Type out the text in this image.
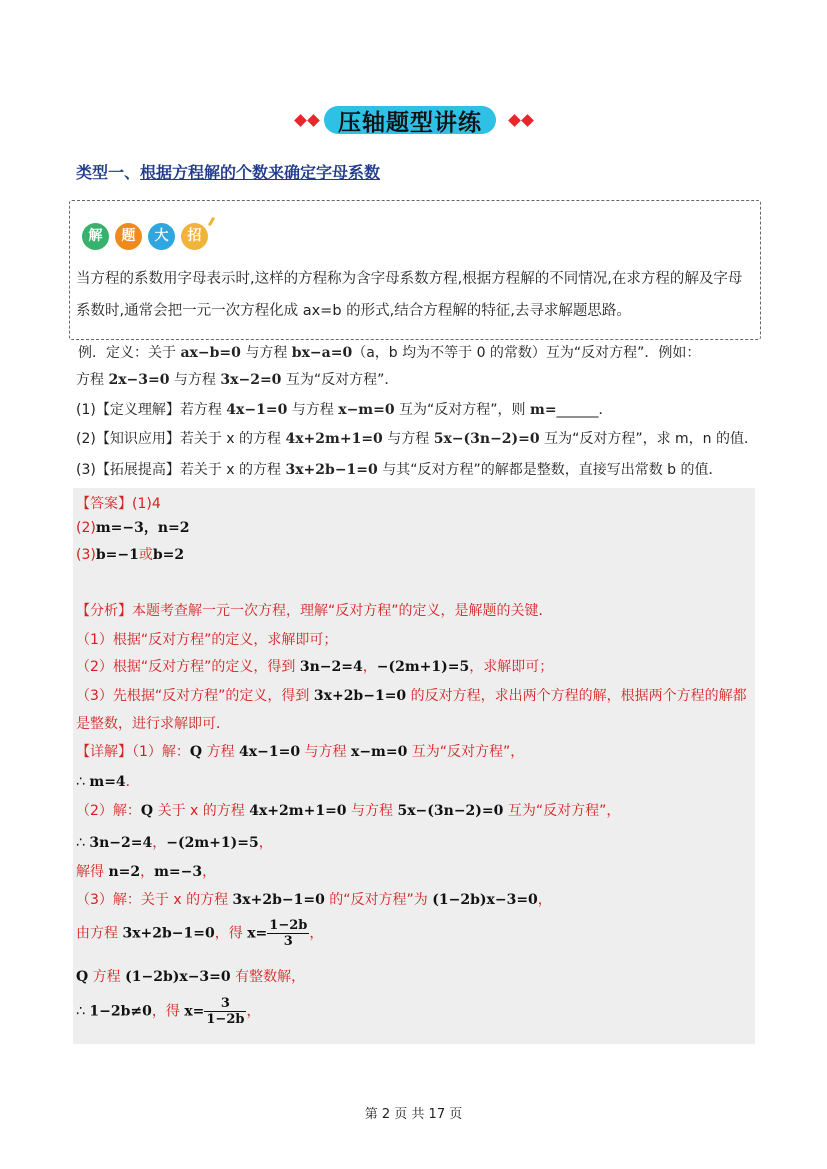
压轴题型讲练
类型一、根据方程解的个数来确定字母系数
解	题	大	招
当方程的系数用字母表示时,这样的方程称为含字母系数方程,根据方程解的不同情况,在求方程的解及字母
系数时,通常会把一元一次方程化成 ax=b 的形式,结合方程解的特征,去寻求解题思路。
例．定义：关于 ax−b=0 与方程 bx−a=0（a，b 均为不等于 0 的常数）互为“反对方程”．例如：
方程 2x−3=0 与方程 3x−2=0 互为“反对方程”．
(1)【定义理解】若方程 4x−1=0 与方程 x−m=0 互为“反对方程”，则 m=______．
(2)【知识应用】若关于 x 的方程 4x+2m+1=0 与方程 5x−(3n−2)=0 互为“反对方程”，求 m，n 的值．
(3)【拓展提高】若关于 x 的方程 3x+2b−1=0 与其“反对方程”的解都是整数，直接写出常数 b 的值．
【答案】(1)4
(2)m=−3，n=2
(3)b=−1或b=2
【分析】本题考查解一元一次方程，理解“反对方程”的定义，是解题的关键．
（1）根据“反对方程”的定义，求解即可；
（2）根据“反对方程”的定义，得到 3n−2=4，−(2m+1)=5，求解即可；
（3）先根据“反对方程”的定义，得到 3x+2b−1=0 的反对方程，求出两个方程的解，根据两个方程的解都
是整数，进行求解即可．
【详解】（1）解：Q 方程 4x−1=0 与方程 x−m=0 互为“反对方程”，
∴ m=4．
（2）解：Q 关于 x 的方程 4x+2m+1=0 与方程 5x−(3n−2)=0 互为“反对方程”，
∴ 3n−2=4，−(2m+1)=5，
解得 n=2，m=−3，
（3）解：关于 x 的方程 3x+2b−1=0 的“反对方程”为 (1−2b)x−3=0，
由方程 3x+2b−1=0，得 $x= \frac{1-2b}{3}$ ，
Q 方程 (1−2b)x−3=0 有整数解，
∴ 1−2b≠0，得 $x= \frac{3}{1-2b}$ ，
第 2 页 共 17 页
